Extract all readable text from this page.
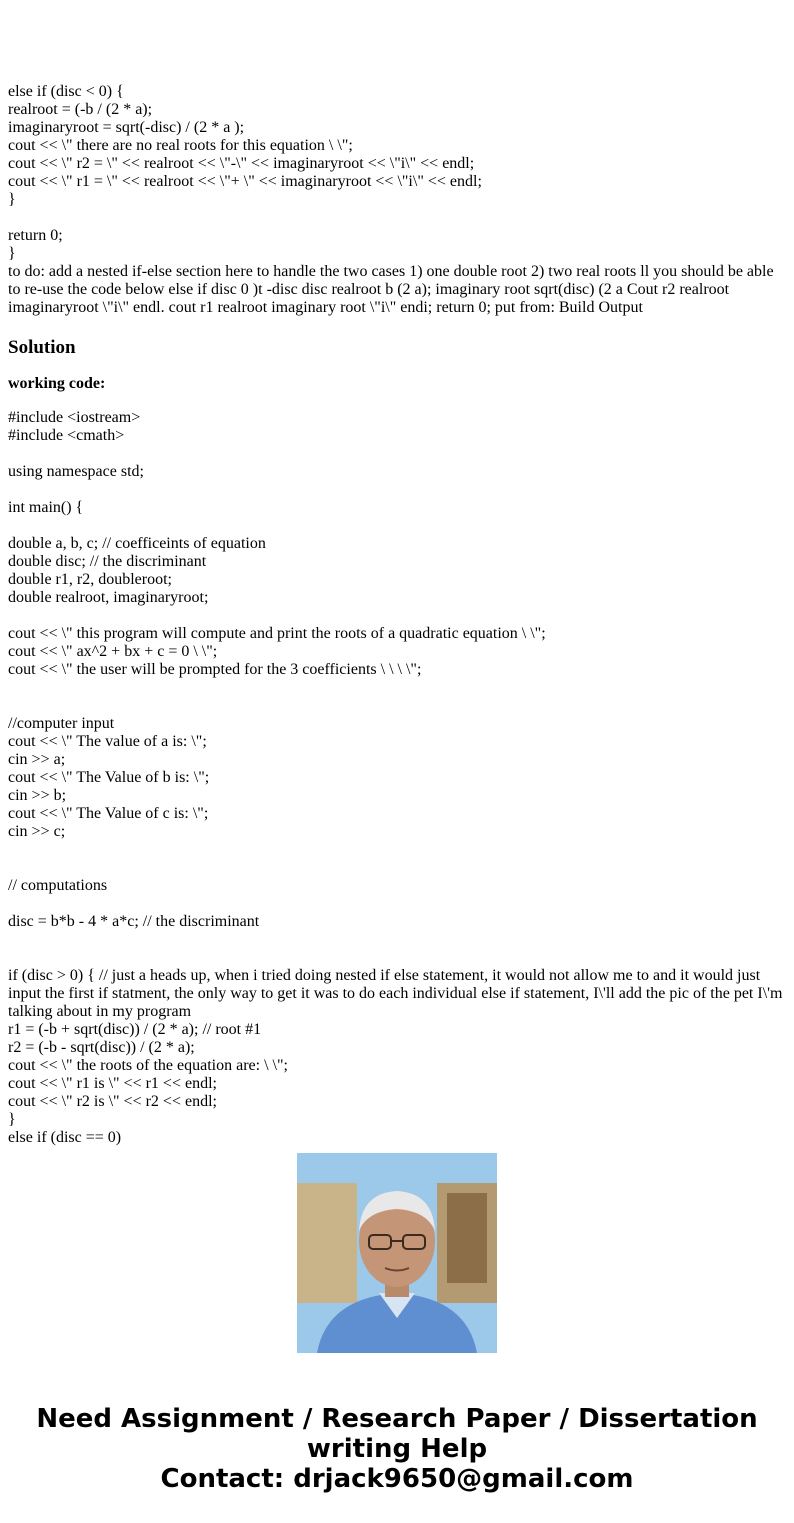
else if (disc < 0) {
realroot = (-b / (2 * a);
imaginaryroot = sqrt(-disc) / (2 * a );
cout << \" there are no real roots for this equation \ \";
cout << \" r2 = \" << realroot << \"-\" << imaginaryroot << \"i\" << endl;
cout << \" r1 = \" << realroot << \"+ \" << imaginaryroot << \"i\" << endl;
}
return 0;
}

to do: add a nested if-else section here to handle the two cases 1) one double root 2) two real roots ll you should be able to re-use the code below else if disc 0 )t -disc disc realroot b (2 a); imaginary root sqrt(disc) (2 a Cout r2 realroot imaginaryroot \"i\" endl. cout r1 realroot imaginary root \"i\" endi; return 0; put from: Build Output

Solution
working code:
#include <iostream>
#include <cmath>
using namespace std;
int main() {
double a, b, c; // coefficeints of equation
double disc; // the discriminant
double r1, r2, doubleroot;
double realroot, imaginaryroot;
cout << \" this program will compute and print the roots of a quadratic equation \ \";
cout << \" ax^2 + bx + c = 0 \ \";
cout << \" the user will be prompted for the 3 coefficients \ \ \ \";
//computer input
cout << \" The value of a is: \";
cin >> a;
cout << \" The Value of b is: \";
cin >> b;
cout << \" The Value of c is: \";
cin >> c;
// computations
disc = b*b - 4 * a*c; // the discriminant

if (disc > 0) { // just a heads up, when i tried doing nested if else statement, it would not allow me to and it would just input the first if statment, the only way to get it was to do each individual else if statement, I\'ll add the pic of the pet I\'m talking about in my program

r1 = (-b + sqrt(disc)) / (2 * a); // root #1
r2 = (-b - sqrt(disc)) / (2 * a);
cout << \" the roots of the equation are: \ \";
cout << \" r1 is \" << r1 << endl;
cout << \" r2 is \" << r2 << endl;
}
else if (disc == 0)
Need Assignment / Research Paper / Dissertation
writing Help
Contact: drjack9650@gmail.com
